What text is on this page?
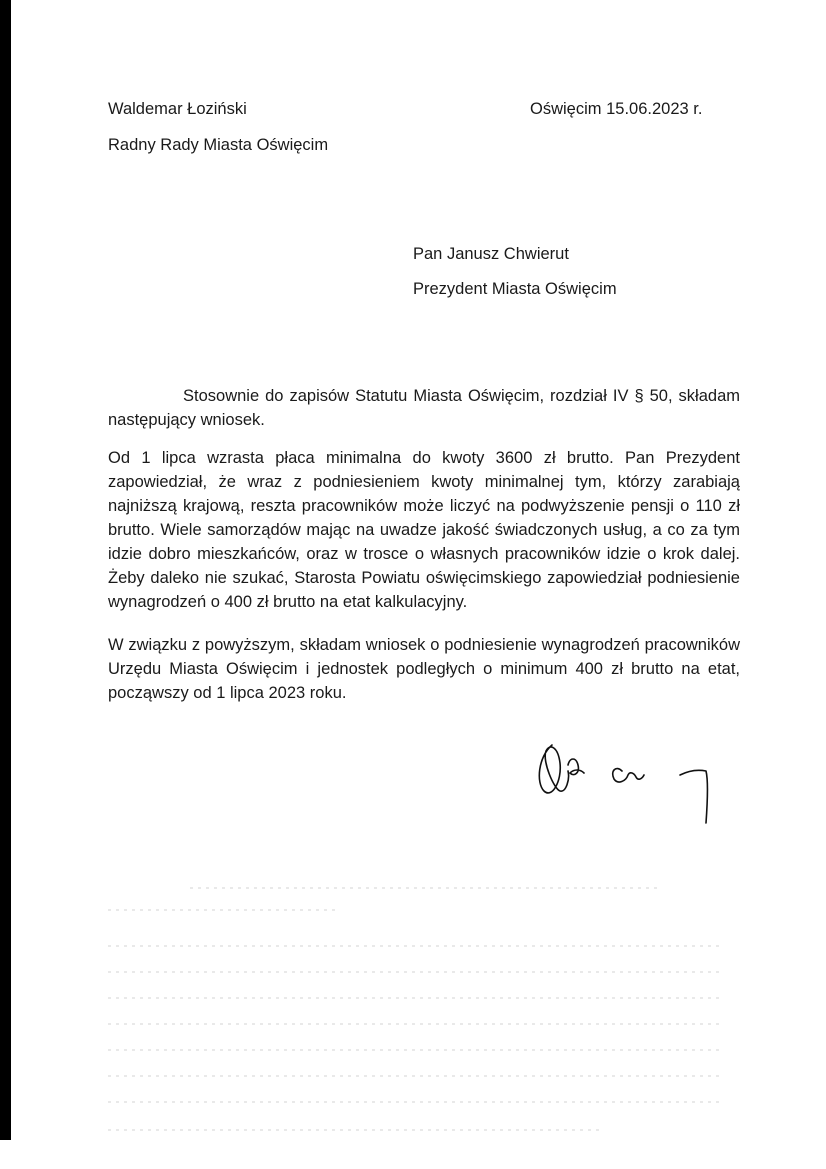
Waldemar Łoziński
Radny Rady Miasta Oświęcim
Oświęcim 15.06.2023 r.
Pan Janusz Chwierut
Prezydent Miasta Oświęcim

Stosownie do zapisów Statutu Miasta Oświęcim, rozdział IV § 50, składam następujący wniosek.

Od 1 lipca wzrasta płaca minimalna do kwoty 3600 zł brutto. Pan Prezydent zapowiedział, że wraz z podniesieniem kwoty minimalnej tym, którzy zarabiają najniższą krajową, reszta pracowników może liczyć na podwyższenie pensji o 110 zł brutto. Wiele samorządów mając na uwadze jakość świadczonych usług, a co za tym idzie dobro mieszkańców, oraz w trosce o własnych pracowników idzie o krok dalej. Żeby daleko nie szukać, Starosta Powiatu oświęcimskiego zapowiedział podniesienie wynagrodzeń o 400 zł brutto na etat kalkulacyjny.

W związku z powyższym, składam wniosek o podniesienie wynagrodzeń pracowników Urzędu Miasta Oświęcim i jednostek podległych o minimum 400 zł brutto na etat, począwszy od 1 lipca 2023 roku.
